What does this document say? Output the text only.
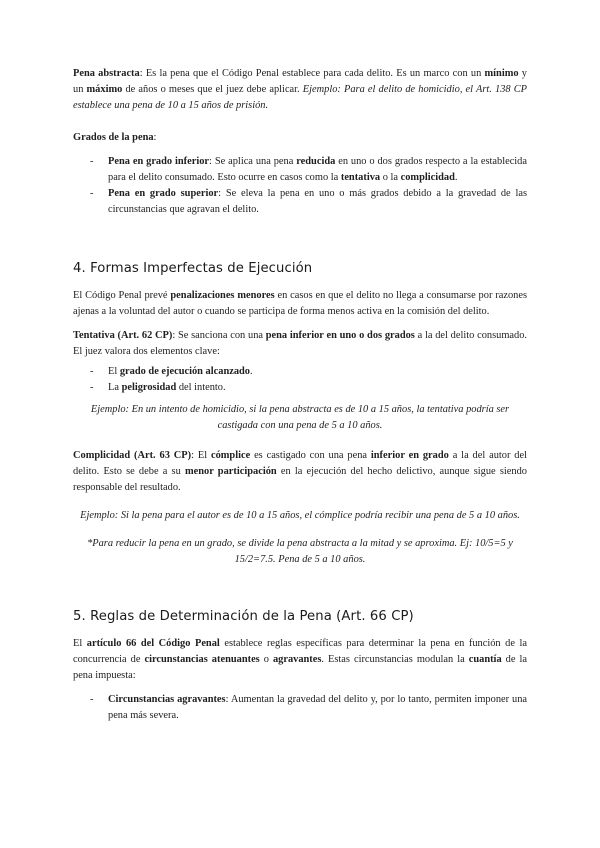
Pena abstracta: Es la pena que el Código Penal establece para cada delito. Es un marco con un mínimo y un máximo de años o meses que el juez debe aplicar. Ejemplo: Para el delito de homicidio, el Art. 138 CP establece una pena de 10 a 15 años de prisión.

Grados de la pena:

- Pena en grado inferior: Se aplica una pena reducida en uno o dos grados respecto a la establecida para el delito consumado. Esto ocurre en casos como la tentativa o la complicidad.
- Pena en grado superior: Se eleva la pena en uno o más grados debido a la gravedad de las circunstancias que agravan el delito.
4. Formas Imperfectas de Ejecución

El Código Penal prevé penalizaciones menores en casos en que el delito no llega a consumarse por razones ajenas a la voluntad del autor o cuando se participa de forma menos activa en la comisión del delito.

Tentativa (Art. 62 CP): Se sanciona con una pena inferior en uno o dos grados a la del delito consumado. El juez valora dos elementos clave:

- El grado de ejecución alcanzado.
- La peligrosidad del intento.

Ejemplo: En un intento de homicidio, si la pena abstracta es de 10 a 15 años, la tentativa podría ser castigada con una pena de 5 a 10 años.

Complicidad (Art. 63 CP): El cómplice es castigado con una pena inferior en grado a la del autor del delito. Esto se debe a su menor participación en la ejecución del hecho delictivo, aunque sigue siendo responsable del resultado.

Ejemplo: Si la pena para el autor es de 10 a 15 años, el cómplice podría recibir una pena de 5 a 10 años.

*Para reducir la pena en un grado, se divide la pena abstracta a la mitad y se aproxima. Ej: 10/5=5 y 15/2=7.5. Pena de 5 a 10 años.

5. Reglas de Determinación de la Pena (Art. 66 CP)

El artículo 66 del Código Penal establece reglas específicas para determinar la pena en función de la concurrencia de circunstancias atenuantes o agravantes. Estas circunstancias modulan la cuantía de la pena impuesta:

- Circunstancias agravantes: Aumentan la gravedad del delito y, por lo tanto, permiten imponer una pena más severa.
